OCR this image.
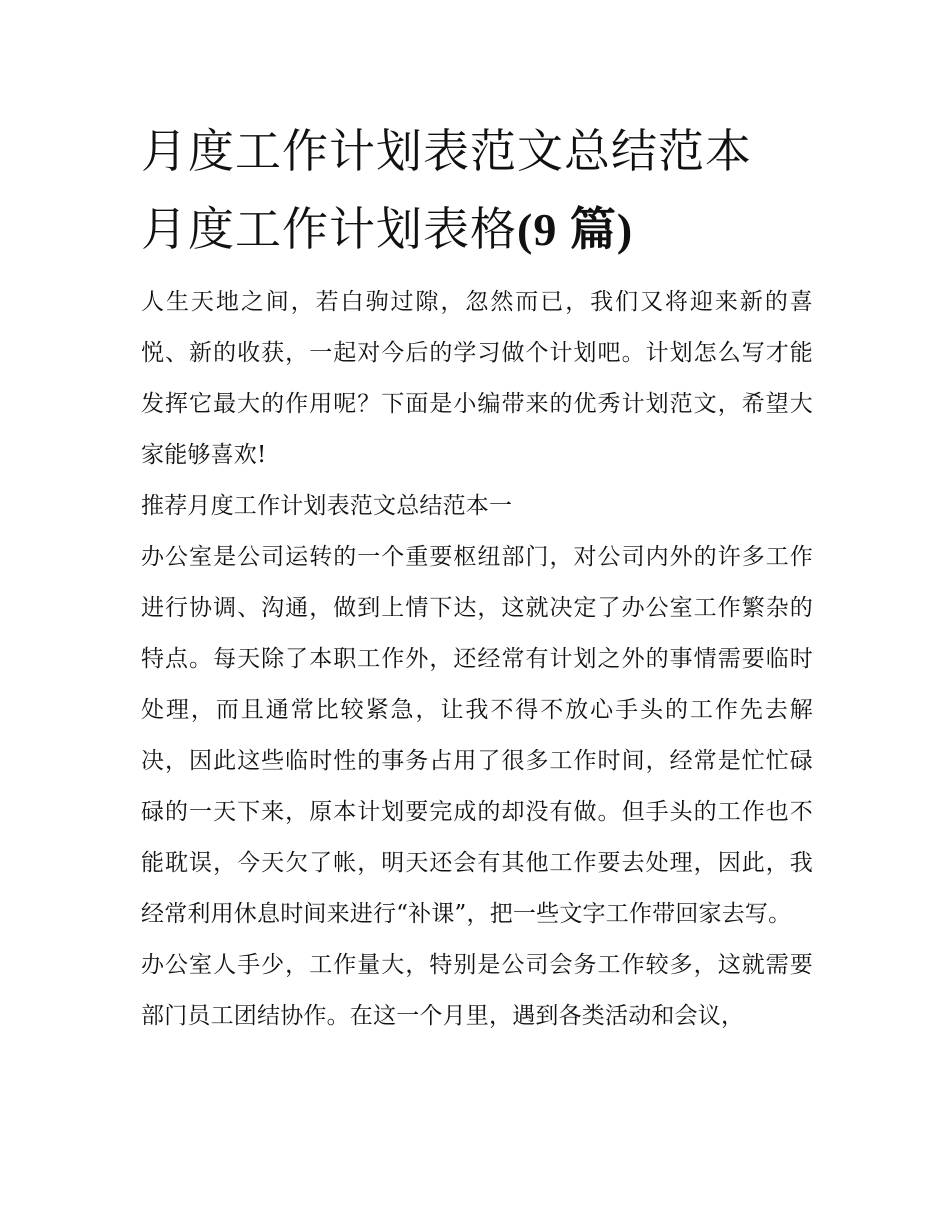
月度工作计划表范文总结范本
月度工作计划表格(9 篇)

人生天地之间，若白驹过隙，忽然而已，我们又将迎来新的喜悦、新的收获，一起对今后的学习做个计划吧。计划怎么写才能发挥它最大的作用呢？下面是小编带来的优秀计划范文，希望大家能够喜欢!

推荐月度工作计划表范文总结范本一

办公室是公司运转的一个重要枢纽部门，对公司内外的许多工作进行协调、沟通，做到上情下达，这就决定了办公室工作繁杂的特点。每天除了本职工作外，还经常有计划之外的事情需要临时处理，而且通常比较紧急，让我不得不放心手头的工作先去解决，因此这些临时性的事务占用了很多工作时间，经常是忙忙碌碌的一天下来，原本计划要完成的却没有做。但手头的工作也不能耽误，今天欠了帐，明天还会有其他工作要去处理，因此，我经常利用休息时间来进行“补课”，把一些文字工作带回家去写。

办公室人手少，工作量大，特别是公司会务工作较多，这就需要部门员工团结协作。在这一个月里，遇到各类活动和会议，
